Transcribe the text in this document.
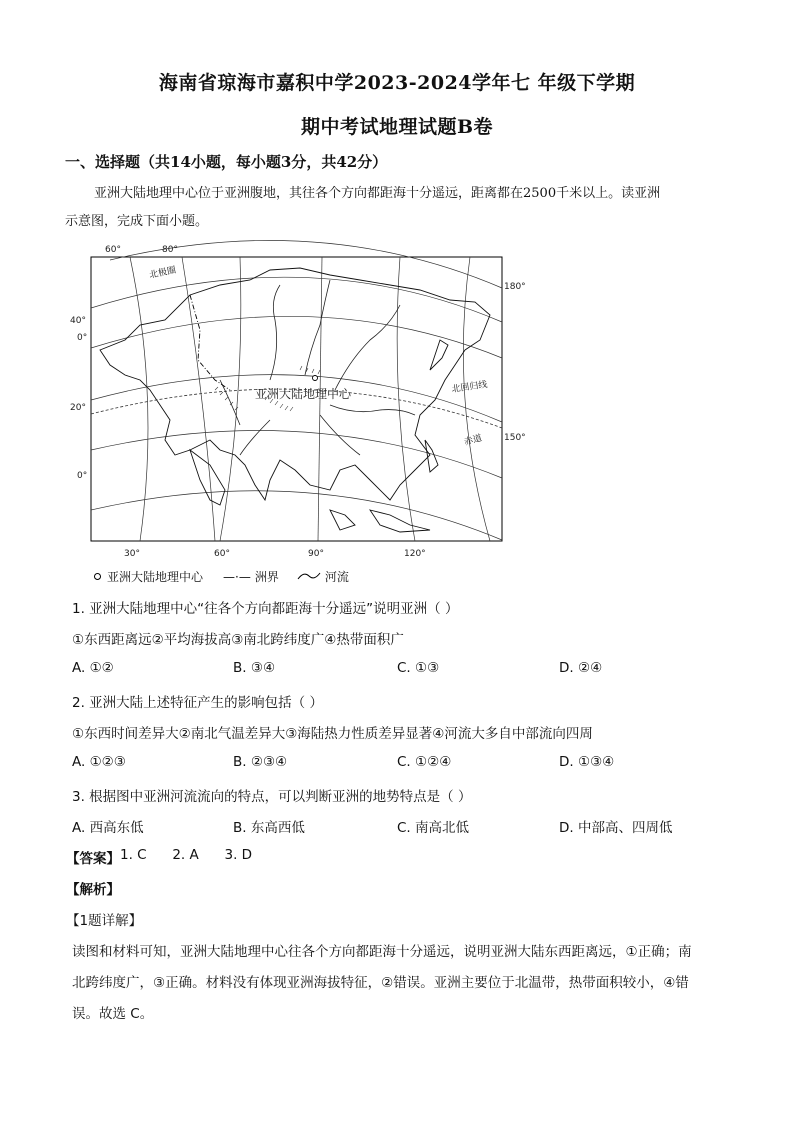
海南省琼海市嘉积中学2023-2024学年七 年级下学期
期中考试地理试题B卷
一、选择题（共14小题，每小题3分，共42分）
亚洲大陆地理中心位于亚洲腹地，其往各个方向都距海十分遥远，距离都在2500千米以上。读亚洲
示意图，完成下面小题。
60°	80°
40°
0°
20°
0°
180°
150°
30°	60°	90°	120°
亚洲大陆地理中心
北极圈
北回归线
赤道
亚洲大陆地理中心 —·— 洲界	河流
1. 亚洲大陆地理中心“往各个方向都距海十分遥远”说明亚洲（ ）
①东西距离远②平均海拔高③南北跨纬度广④热带面积广
A. ①②	B. ③④	C. ①③	D. ②④
2. 亚洲大陆上述特征产生的影响包括（ ）
①东西时间差异大②南北气温差异大③海陆热力性质差异显著④河流大多自中部流向四周
A. ①②③	B. ②③④	C. ①②④	D. ①③④
3. 根据图中亚洲河流流向的特点，可以判断亚洲的地势特点是（ ）
A. 西高东低	B. 东高西低	C. 南高北低	D. 中部高、四周低
【答案】 1. C      2. A      3. D
【解析】
【1题详解】
读图和材料可知，亚洲大陆地理中心往各个方向都距海十分遥远，说明亚洲大陆东西距离远，①正确；南
北跨纬度广，③正确。材料没有体现亚洲海拔特征，②错误。亚洲主要位于北温带，热带面积较小，④错
误。故选 C。
